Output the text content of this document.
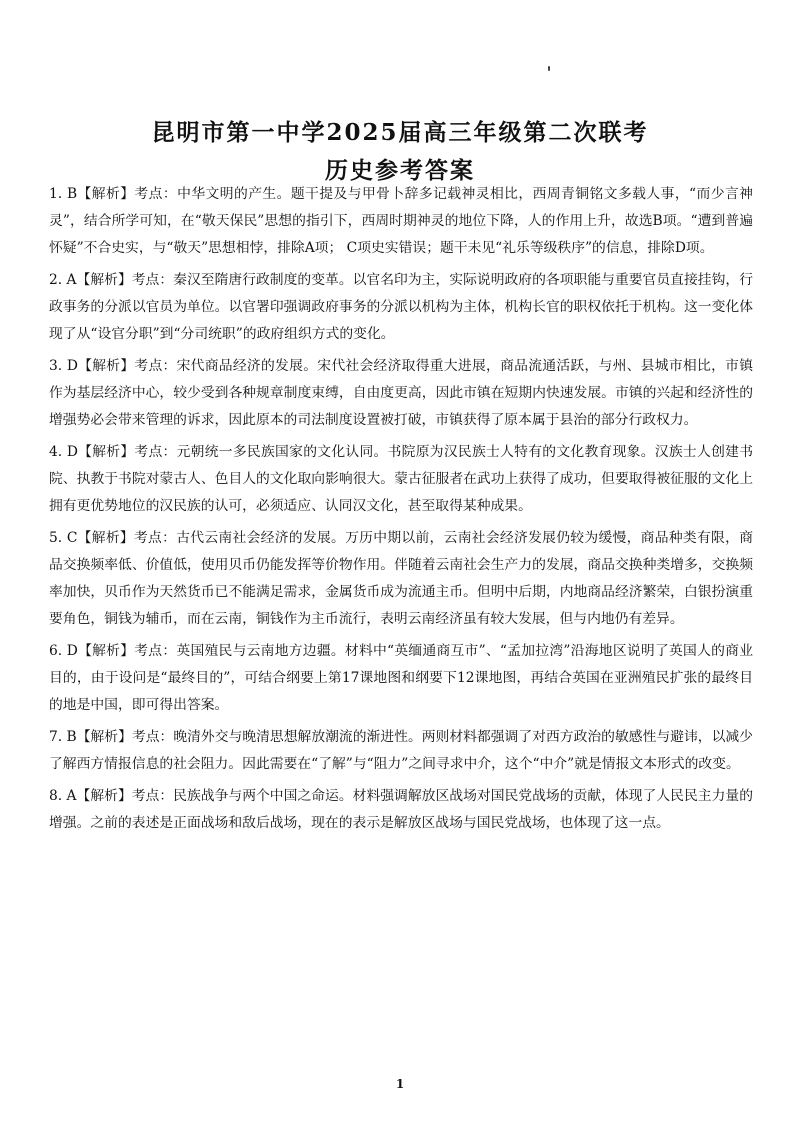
昆明市第一中学2025届高三年级第二次联考
历史参考答案

1. B【解析】考点：中华文明的产生。题干提及与甲骨卜辞多记载神灵相比，西周青铜铭文多载人事，“而少言神灵”，结合所学可知，在“敬天保民”思想的指引下，西周时期神灵的地位下降，人的作用上升，故选B项。“遭到普遍怀疑”不合史实，与“敬天”思想相悖，排除A项； C项史实错误；题干未见“礼乐等级秩序”的信息，排除D项。

2. A【解析】考点：秦汉至隋唐行政制度的变革。以官名印为主，实际说明政府的各项职能与重要官员直接挂钩，行政事务的分派以官员为单位。以官署印强调政府事务的分派以机构为主体，机构长官的职权依托于机构。这一变化体现了从“设官分职”到“分司统职”的政府组织方式的变化。

3. D【解析】考点：宋代商品经济的发展。宋代社会经济取得重大进展，商品流通活跃，与州、县城市相比，市镇作为基层经济中心，较少受到各种规章制度束缚，自由度更高，因此市镇在短期内快速发展。市镇的兴起和经济性的增强势必会带来管理的诉求，因此原本的司法制度设置被打破，市镇获得了原本属于县治的部分行政权力。

4. D【解析】考点：元朝统一多民族国家的文化认同。书院原为汉民族士人特有的文化教育现象。汉族士人创建书院、执教于书院对蒙古人、色目人的文化取向影响很大。蒙古征服者在武功上获得了成功，但要取得被征服的文化上拥有更优势地位的汉民族的认可，必须适应、认同汉文化，甚至取得某种成果。

5. C【解析】考点：古代云南社会经济的发展。万历中期以前，云南社会经济发展仍较为缓慢，商品种类有限，商品交换频率低、价值低，使用贝币仍能发挥等价物作用。伴随着云南社会生产力的发展，商品交换种类增多，交换频率加快，贝币作为天然货币已不能满足需求，金属货币成为流通主币。但明中后期，内地商品经济繁荣，白银扮演重要角色，铜钱为辅币，而在云南，铜钱作为主币流行，表明云南经济虽有较大发展，但与内地仍有差异。

6. D【解析】考点：英国殖民与云南地方边疆。材料中“英缅通商互市”、“孟加拉湾”沿海地区说明了英国人的商业目的，由于设问是“最终目的”，可结合纲要上第17课地图和纲要下12课地图，再结合英国在亚洲殖民扩张的最终目的地是中国，即可得出答案。

7. B【解析】考点：晚清外交与晚清思想解放潮流的渐进性。两则材料都强调了对西方政治的敏感性与避讳，以减少了解西方情报信息的社会阻力。因此需要在“了解”与“阻力”之间寻求中介，这个“中介”就是情报文本形式的改变。

8. A【解析】考点：民族战争与两个中国之命运。材料强调解放区战场对国民党战场的贡献，体现了人民民主力量的增强。之前的表述是正面战场和敌后战场，现在的表示是解放区战场与国民党战场，也体现了这一点。

1
